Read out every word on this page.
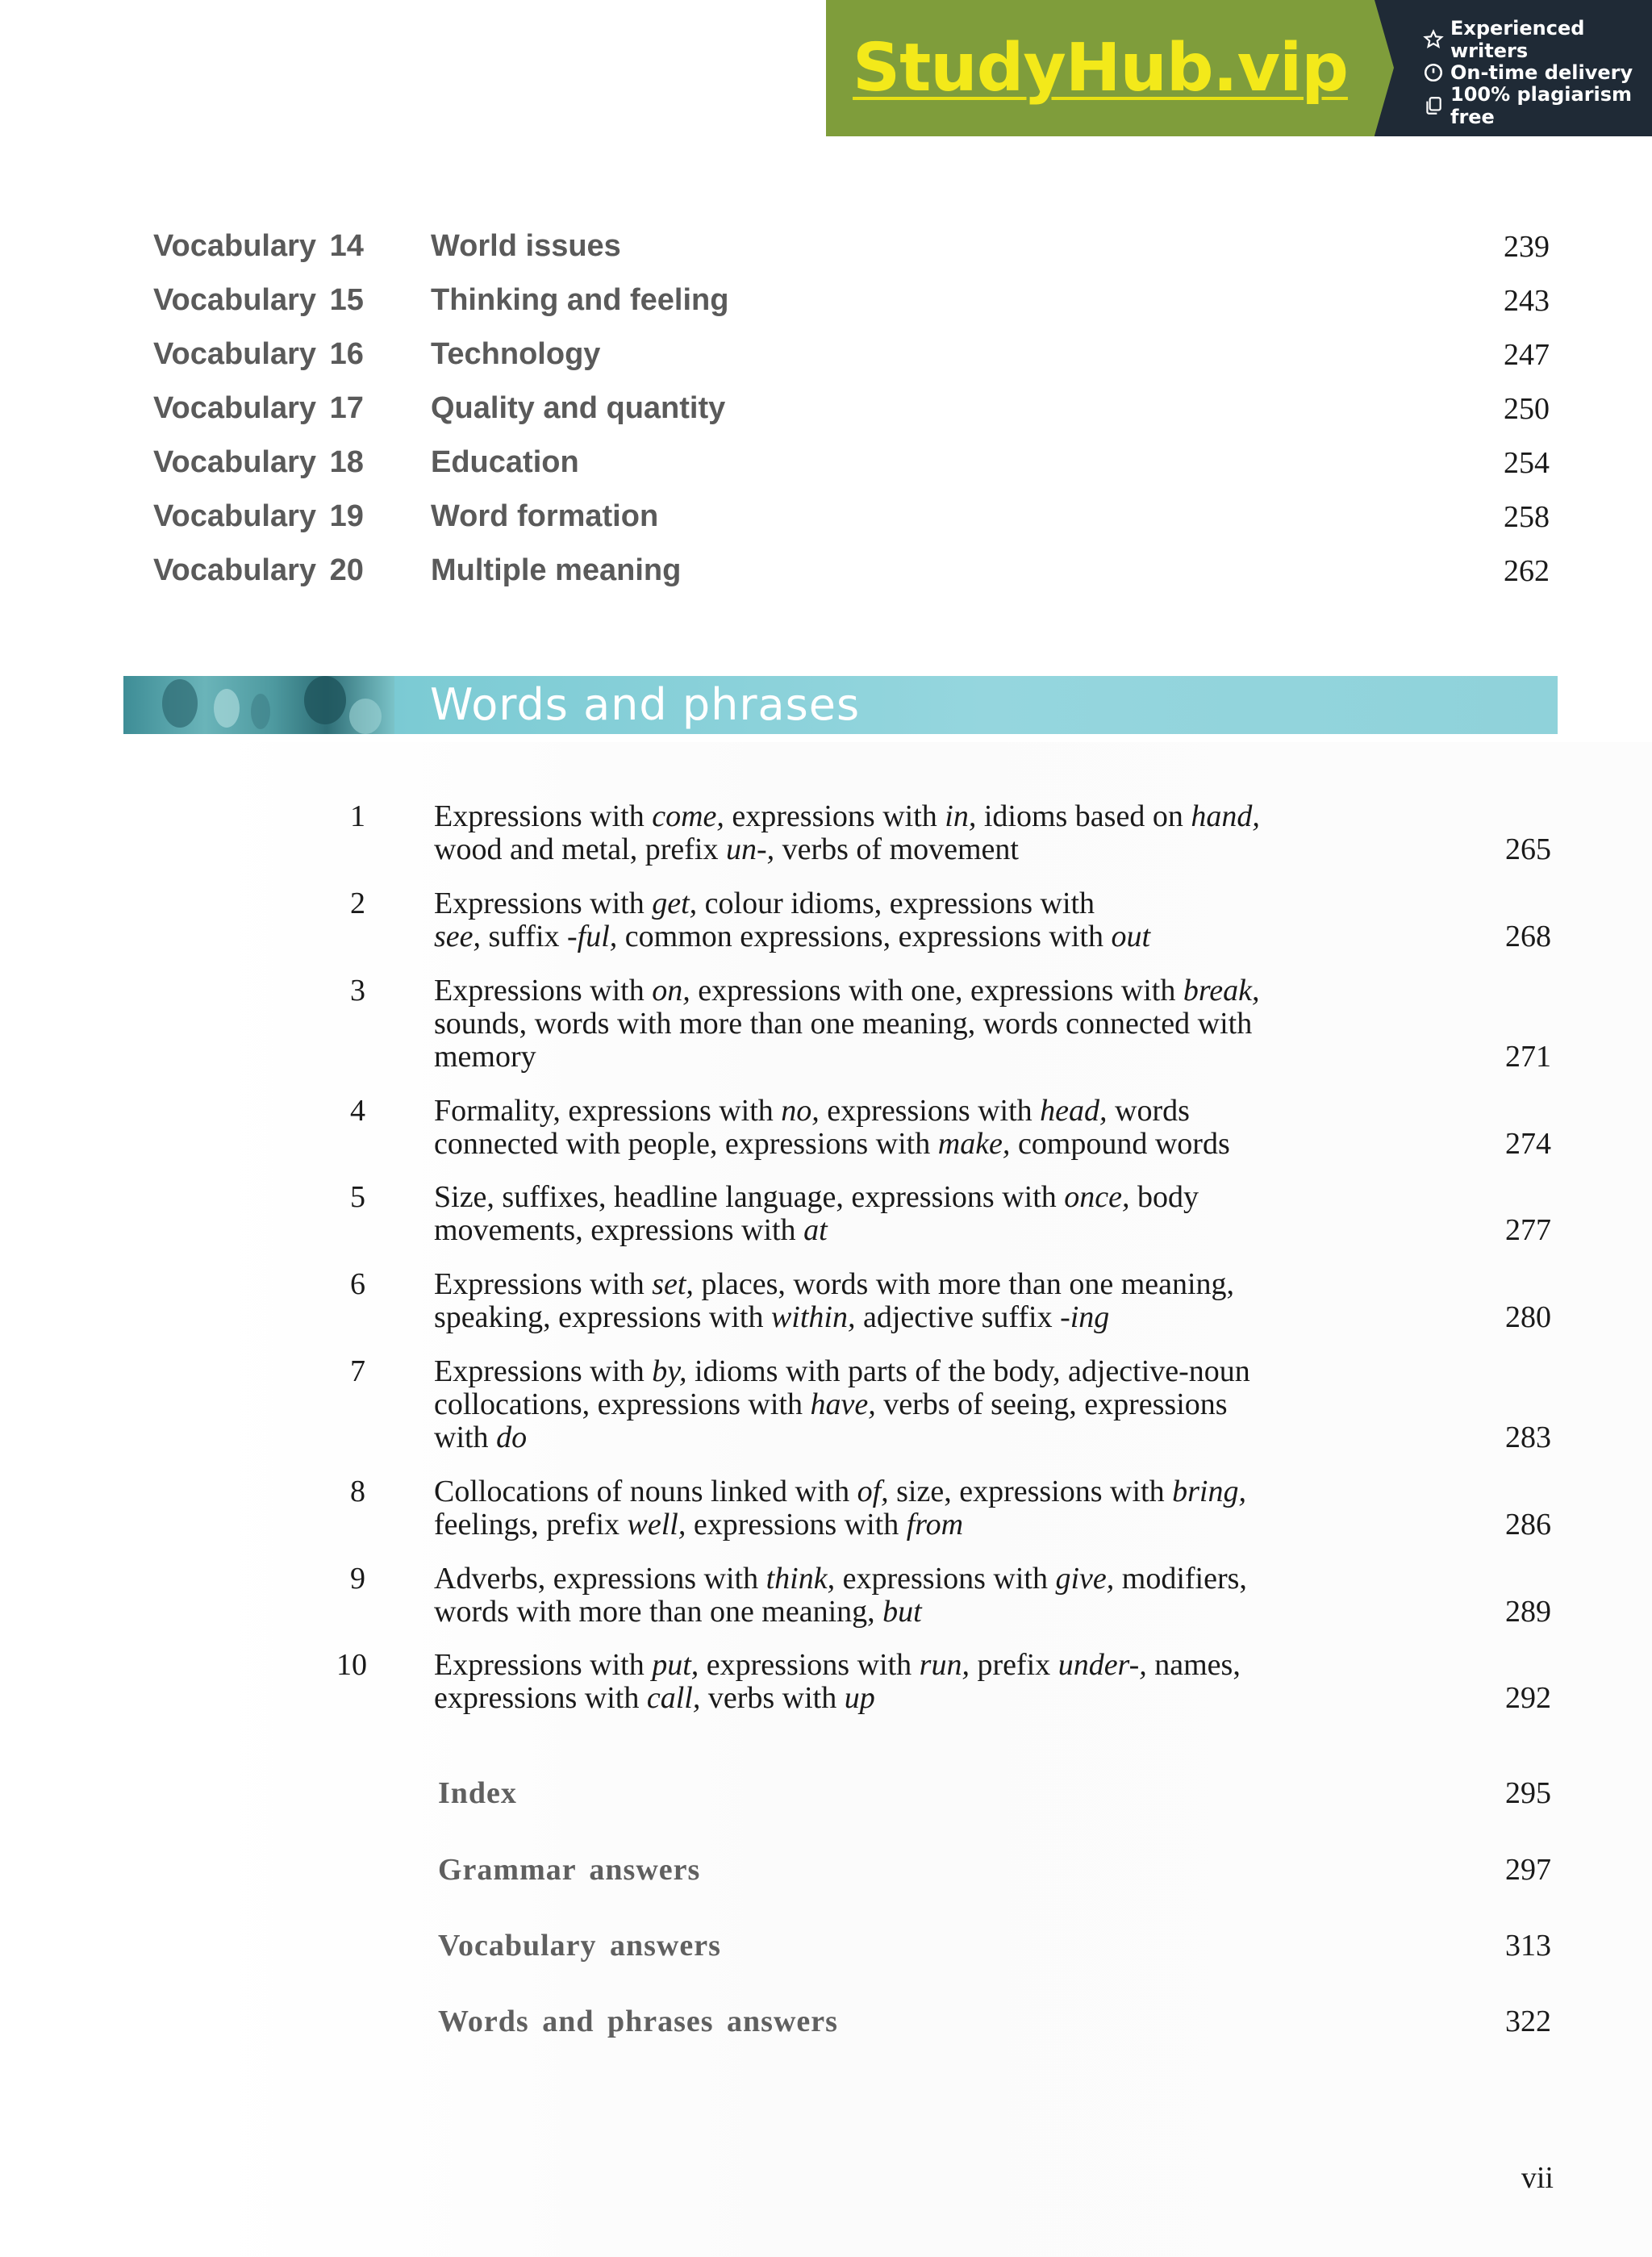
StudyHub.vip
Experienced writers
On-time delivery
100% plagiarism free
Vocabulary 14 World issues	239
Vocabulary 15 Thinking and feeling	243
Vocabulary 16 Technology	247
Vocabulary 17 Quality and quantity	250
Vocabulary 18 Education	254
Vocabulary 19 Word formation	258
Vocabulary 20 Multiple meaning	262
Words and phrases
1 Expressions with come, expressions with in, idioms based on hand,
wood and metal, prefix un-, verbs of movement	265
2 Expressions with get, colour idioms, expressions with
see, suffix -ful, common expressions, expressions with out	268
3 Expressions with on, expressions with one, expressions with break,
sounds, words with more than one meaning, words connected with
memory	271
4 Formality, expressions with no, expressions with head, words
connected with people, expressions with make, compound words	274
5 Size, suffixes, headline language, expressions with once, body
movements, expressions with at	277
6 Expressions with set, places, words with more than one meaning,
speaking, expressions with within, adjective suffix -ing	280
7 Expressions with by, idioms with parts of the body, adjective-noun
collocations, expressions with have, verbs of seeing, expressions
with do	283
8 Collocations of nouns linked with of, size, expressions with bring,
feelings, prefix well, expressions with from	286
9 Adverbs, expressions with think, expressions with give, modifiers,
words with more than one meaning, but	289
10 Expressions with put, expressions with run, prefix under-, names,
expressions with call, verbs with up	292
Index	295
Grammar answers	297
Vocabulary answers	313
Words and phrases answers	322
vii
